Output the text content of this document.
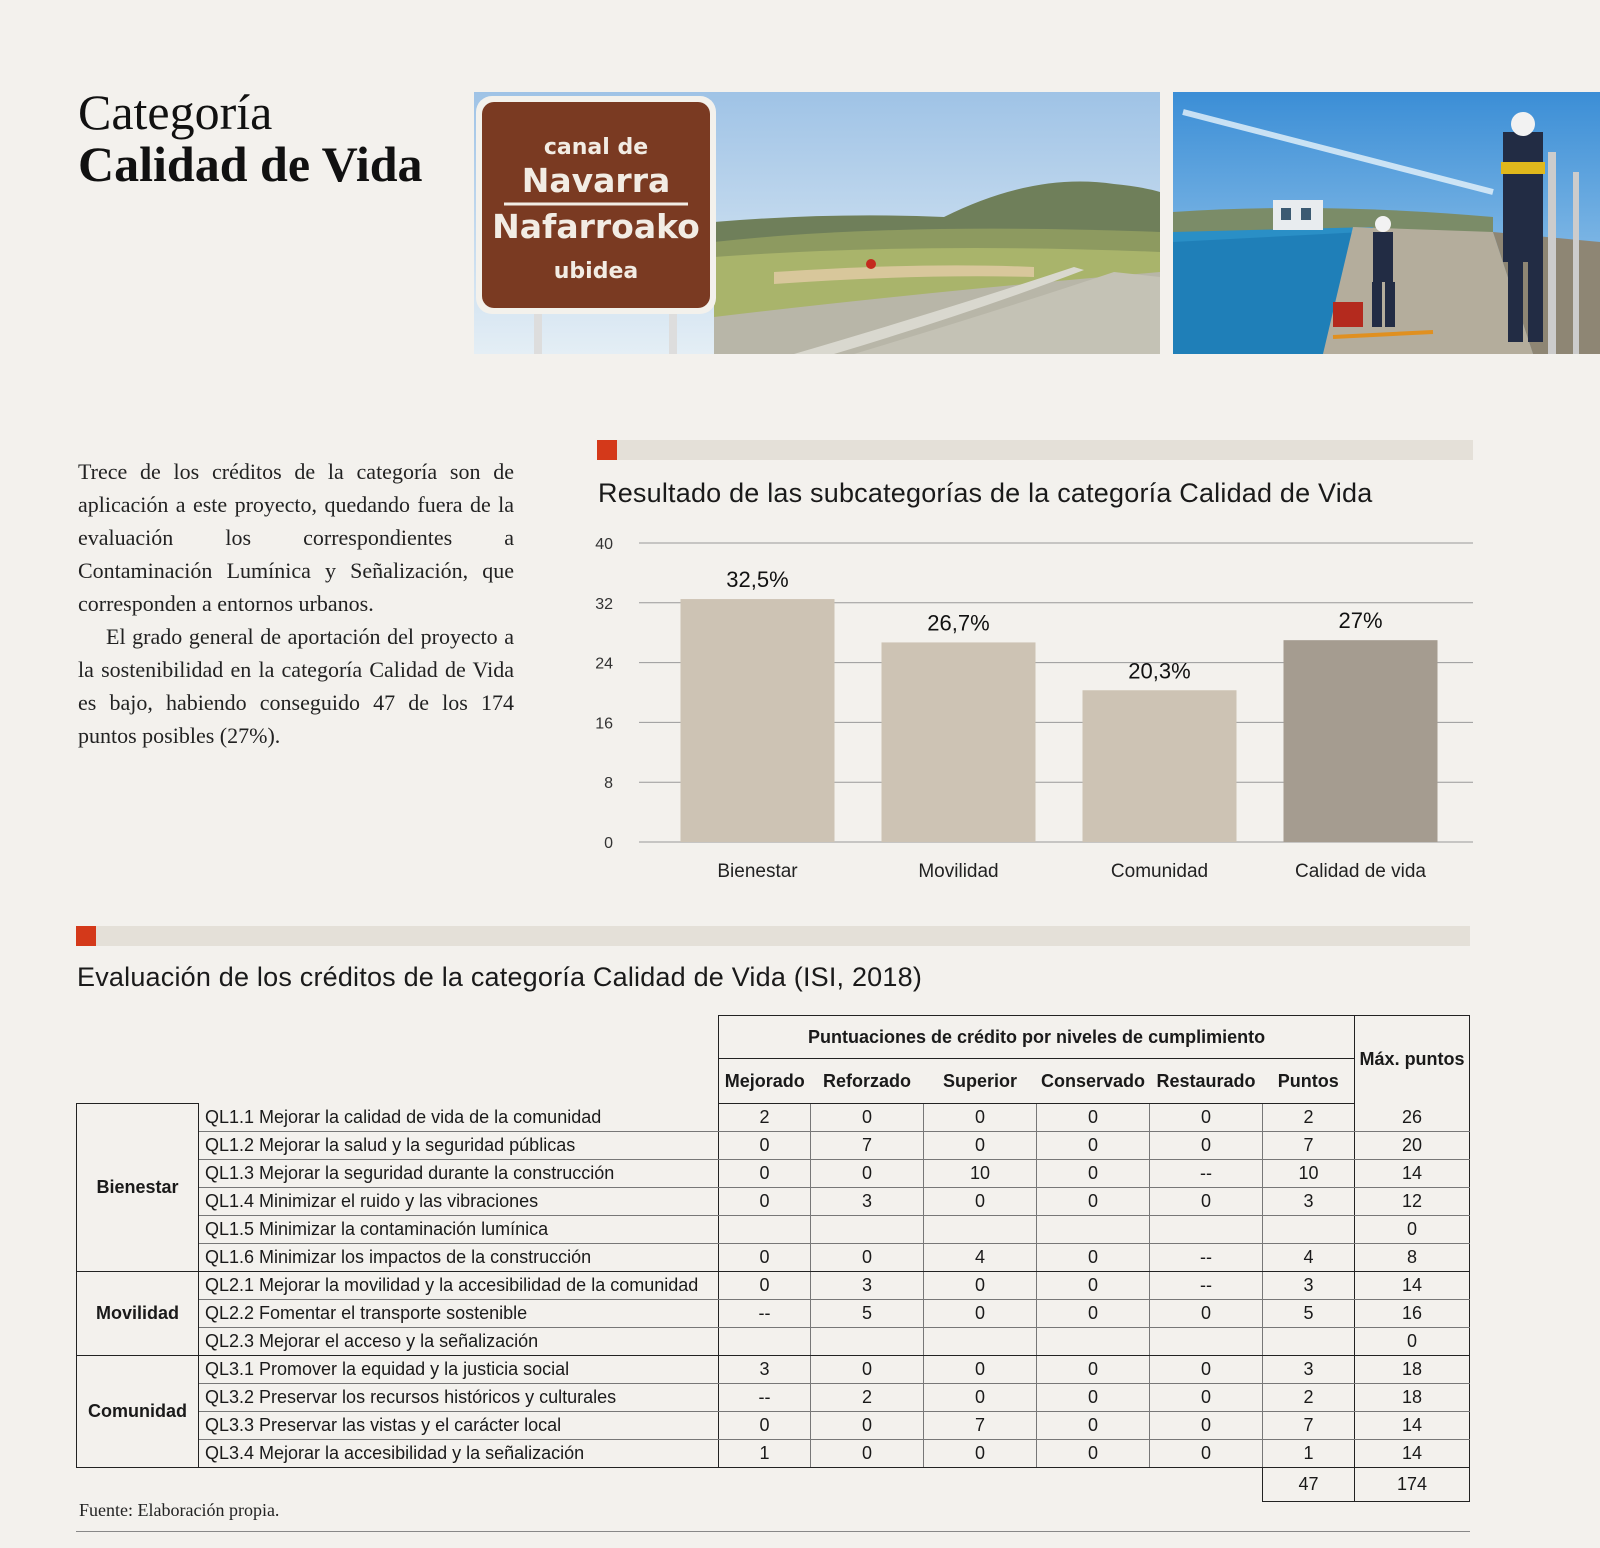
Categoría
Calidad de Vida	canal de
Navarra
Nafarroako
ubidea

Trece de los créditos de la categoría son de aplicación a este proyecto, quedando fuera de la evaluación los correspondientes a Contaminación Lumínica y Señalización, que corresponden a entornos urbanos.

El grado general de aportación del proyecto a la sostenibilidad en la categoría Calidad de Vida es bajo, habiendo conseguido 47 de los 174 puntos posibles (27%).

Resultado de las subcategorías de la categoría Calidad de Vida
0
8
16
24
32
40
32,5%
Bienestar
26,7%
Movilidad
20,3%
Comunidad
27%
Calidad de vida
Evaluación de los créditos de la categoría Calidad de Vida (ISI, 2018)
		Puntuaciones de crédito por niveles de cumplimiento						Máx. puntos
		Mejorado	Reforzado	Superior	Conservado	Restaurado	Puntos	
Bienestar	QL1.1 Mejorar la calidad de vida de la comunidad	2	0	0	0	0	2	26
	QL1.2 Mejorar la salud y la seguridad públicas	0	7	0	0	0	7	20
	QL1.3 Mejorar la seguridad durante la construcción	0	0	10	0	--	10	14
	QL1.4 Minimizar el ruido y las vibraciones	0	3	0	0	0	3	12
	QL1.5 Minimizar la contaminación lumínica							0
	QL1.6 Minimizar los impactos de la construcción	0	0	4	0	--	4	8
Movilidad	QL2.1 Mejorar la movilidad y la accesibilidad de la comunidad	0	3	0	0	--	3	14
	QL2.2 Fomentar el transporte sostenible	--	5	0	0	0	5	16
	QL2.3 Mejorar el acceso y la señalización							0
Comunidad	QL3.1 Promover la equidad y la justicia social	3	0	0	0	0	3	18
	QL3.2 Preservar los recursos históricos y culturales	--	2	0	0	0	2	18
	QL3.3 Preservar las vistas y el carácter local	0	0	7	0	0	7	14
	QL3.4 Mejorar la accesibilidad y la señalización	1	0	0	0	0	1	14
							47	174
Fuente: Elaboración propia.
